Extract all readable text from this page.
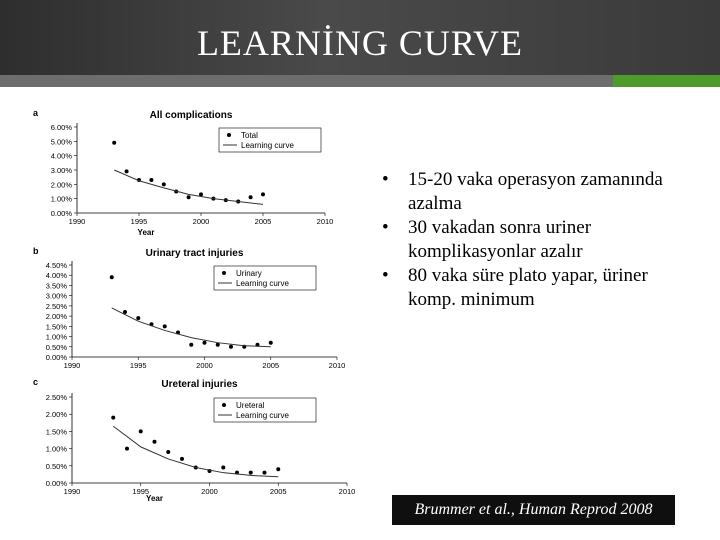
LEARNİNG CURVE
a	All complications
6.00%
5.00%
4.00%
3.00%
2.00%
1.00%
0.00%
1990	1995	2000	2005	2010
Year
Total
Learning curve
b	Urinary tract injuries
4.50%
4.00%
3.50%
3.00%
2.50%
2.00%
1.50%
1.00%
0.50%
0.00%
1990	1995	2000	2005	2010
Urinary
Learning curve
c	Ureteral injuries
2.50%
2.00%
1.50%
1.00%
0.50%
0.00%
1990	1995	2000	2005	2010
Year
Ureteral
Learning curve
• 15-20 vaka operasyon zamanında azalma
• 30 vakadan sonra uriner komplikasyonlar azalır
• 80 vaka süre plato yapar, üriner komp. minimum
Brummer et al., Human Reprod 2008
